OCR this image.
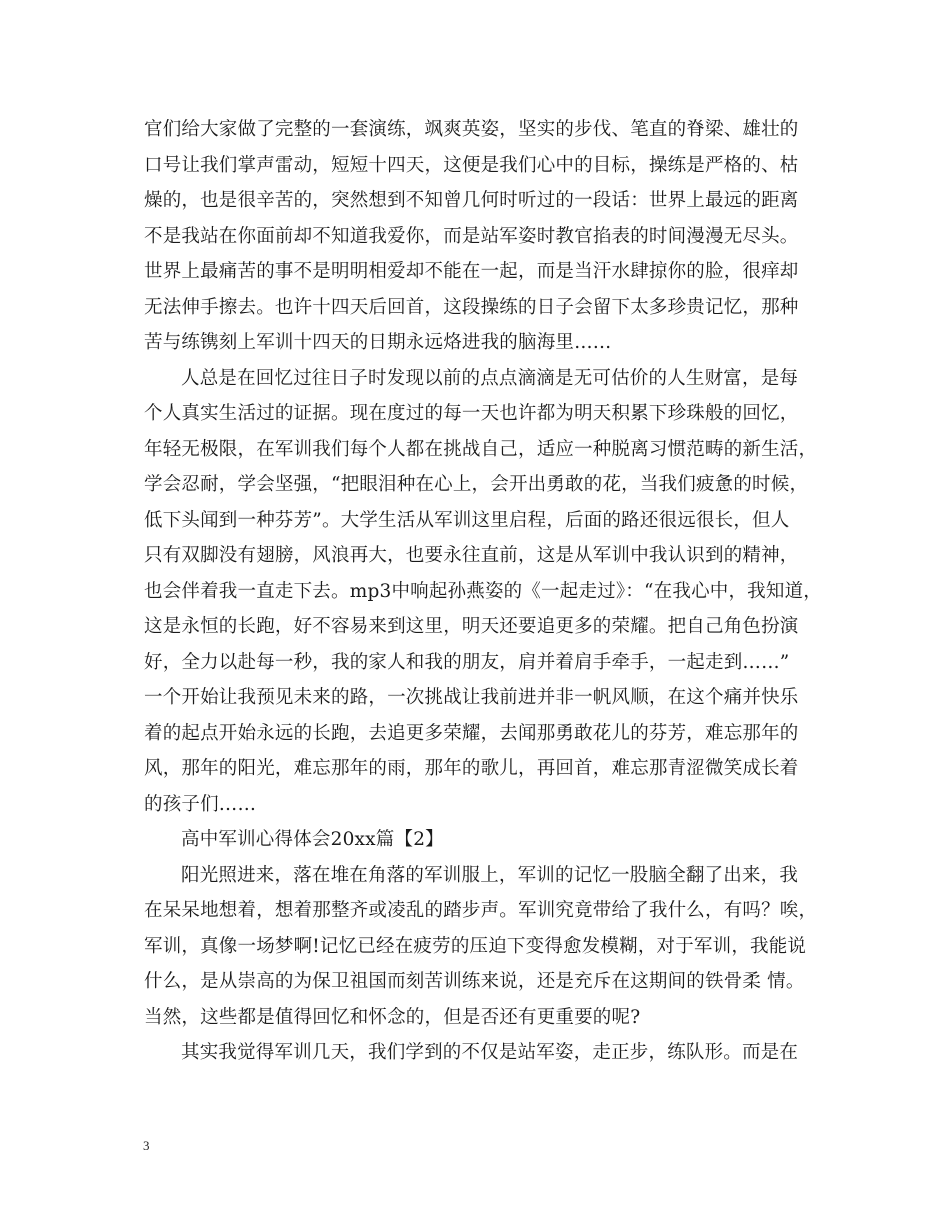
官们给大家做了完整的一套演练，飒爽英姿，坚实的步伐、笔直的脊梁、雄壮的
口号让我们掌声雷动，短短十四天，这便是我们心中的目标，操练是严格的、枯
燥的，也是很辛苦的，突然想到不知曾几何时听过的一段话：世界上最远的距离
不是我站在你面前却不知道我爱你，而是站军姿时教官掐表的时间漫漫无尽头。
世界上最痛苦的事不是明明相爱却不能在一起，而是当汗水肆掠你的脸，很痒却
无法伸手擦去。也许十四天后回首，这段操练的日子会留下太多珍贵记忆，那种
苦与练镌刻上军训十四天的日期永远烙进我的脑海里……
人总是在回忆过往日子时发现以前的点点滴滴是无可估价的人生财富，是每
个人真实生活过的证据。现在度过的每一天也许都为明天积累下珍珠般的回忆，
年轻无极限，在军训我们每个人都在挑战自己，适应一种脱离习惯范畴的新生活，
学会忍耐，学会坚强，“把眼泪种在心上，会开出勇敢的花，当我们疲惫的时候，
低下头闻到一种芬芳”。大学生活从军训这里启程，后面的路还很远很长，但人
只有双脚没有翅膀，风浪再大，也要永往直前，这是从军训中我认识到的精神，
也会伴着我一直走下去。mp3中响起孙燕姿的《一起走过》：“在我心中，我知道，
这是永恒的长跑，好不容易来到这里，明天还要追更多的荣耀。把自己角色扮演
好，全力以赴每一秒，我的家人和我的朋友，肩并着肩手牵手，一起走到……”
一个开始让我预见未来的路，一次挑战让我前进并非一帆风顺，在这个痛并快乐
着的起点开始永远的长跑，去追更多荣耀，去闻那勇敢花儿的芬芳，难忘那年的
风，那年的阳光，难忘那年的雨，那年的歌儿，再回首，难忘那青涩微笑成长着
的孩子们……
高中军训心得体会20xx篇【2】
阳光照进来，落在堆在角落的军训服上，军训的记忆一股脑全翻了出来，我
在呆呆地想着，想着那整齐或凌乱的踏步声。军训究竟带给了我什么，有吗？唉，
军训，真像一场梦啊!记忆已经在疲劳的压迫下变得愈发模糊，对于军训，我能说
什么，是从崇高的为保卫祖国而刻苦训练来说，还是充斥在这期间的铁骨柔 情。
当然，这些都是值得回忆和怀念的，但是否还有更重要的呢?
其实我觉得军训几天，我们学到的不仅是站军姿，走正步，练队形。而是在
3
